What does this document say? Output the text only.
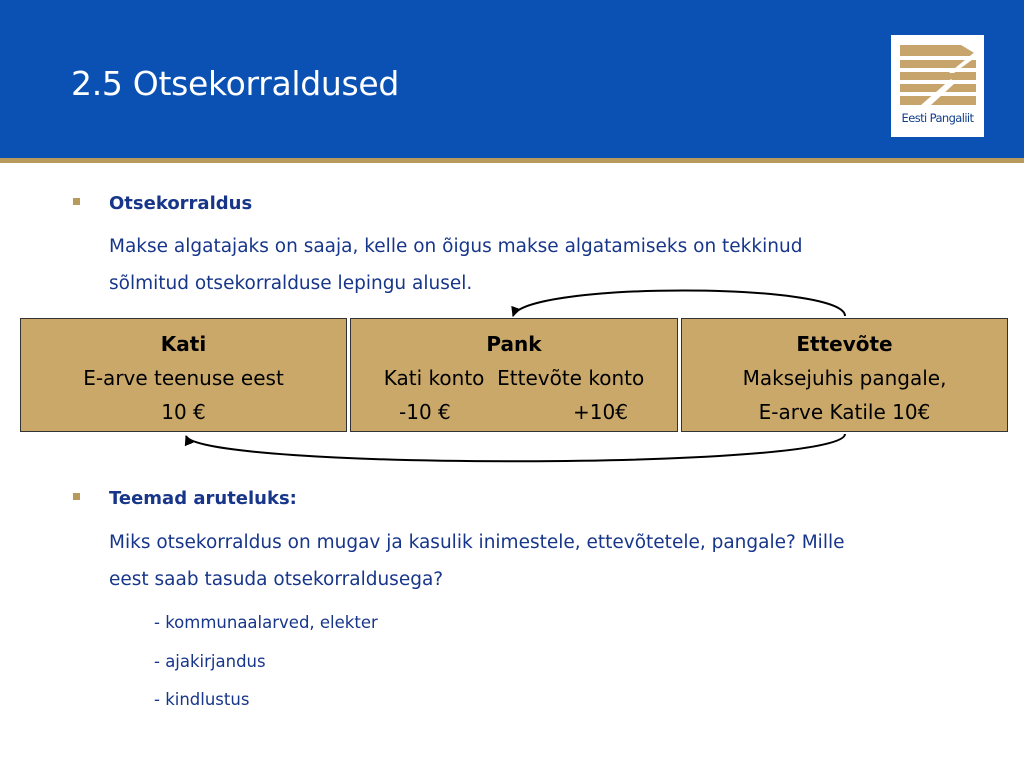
2.5 Otsekorraldused
Eesti Pangaliit

Otsekorraldus

Makse algatajaks on saaja, kelle on õigus makse algatamiseks on tekkinud

sõlmitud otsekorralduse lepingu alusel.

Kati
E-arve teenuse eest
10 €
Pank
Kati konto  Ettevõte konto
-10 €	+10€
Ettevõte
Maksejuhis pangale,
E-arve Katile 10€

Teemad aruteluks:

Miks otsekorraldus on mugav ja kasulik inimestele, ettevõtetele, pangale? Mille

eest saab tasuda otsekorraldusega?

- kommunaalarved, elekter

- ajakirjandus

- kindlustus
